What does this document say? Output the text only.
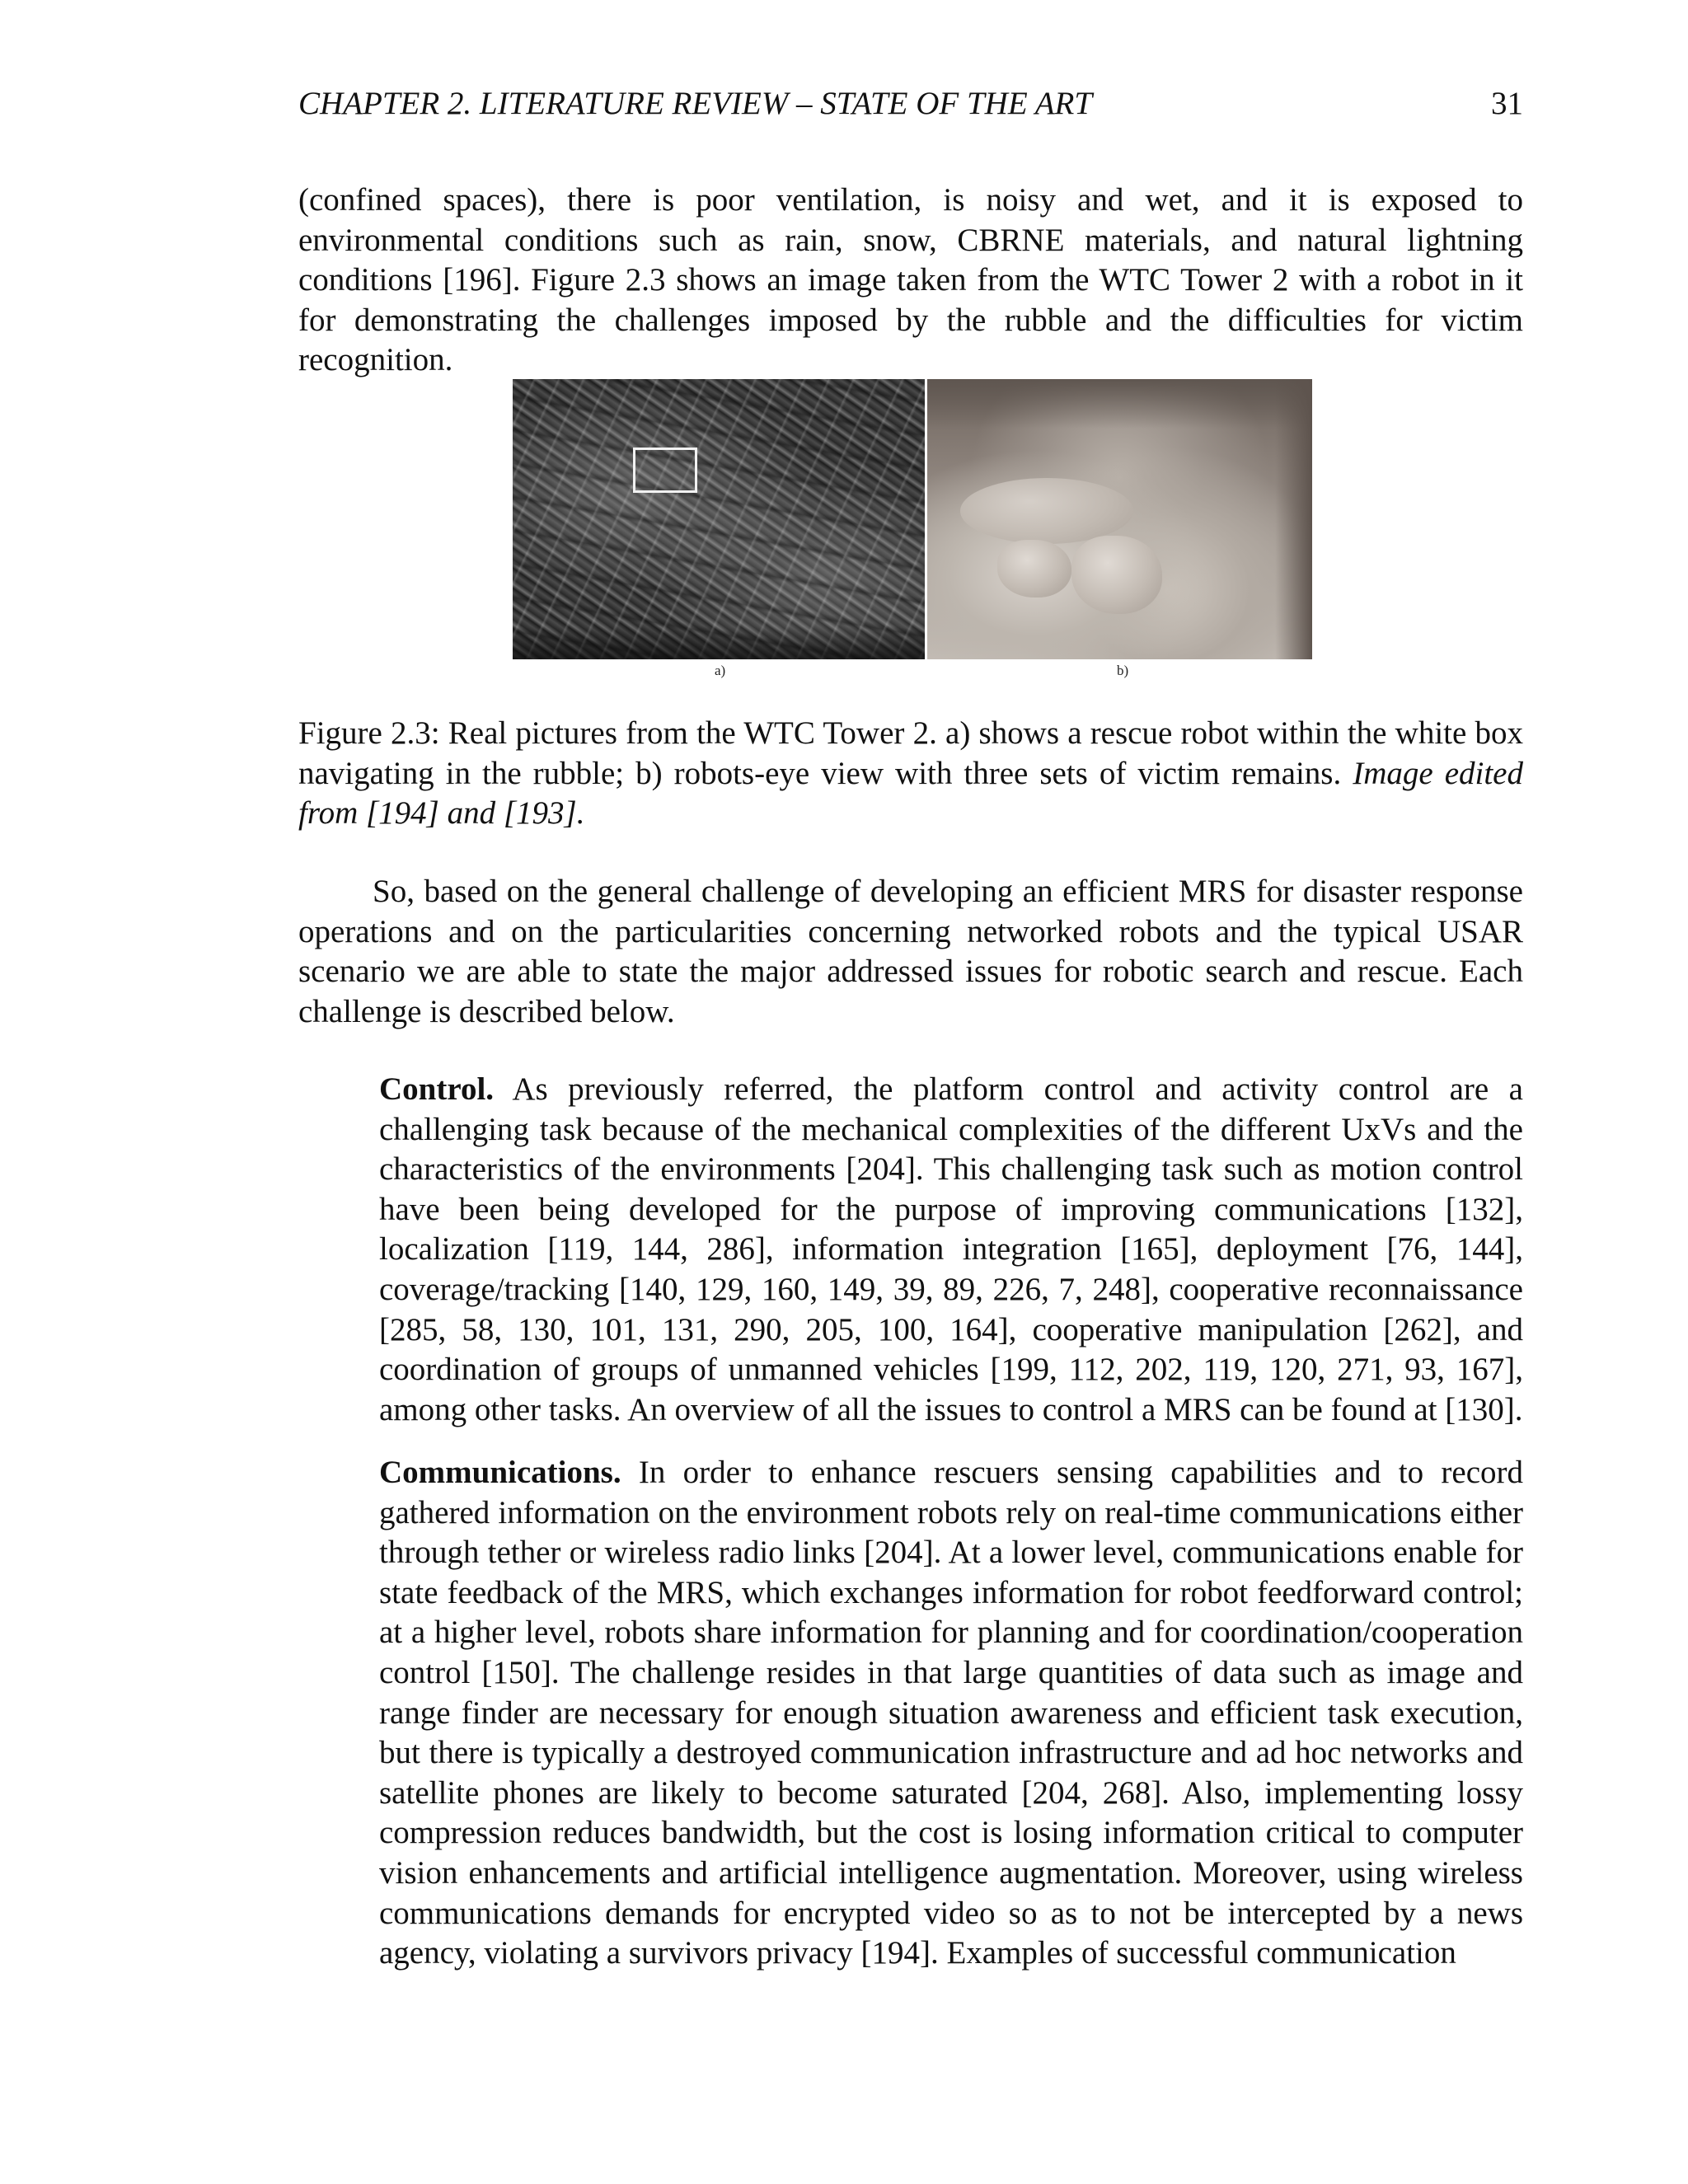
CHAPTER 2. LITERATURE REVIEW – STATE OF THE ART	31

(confined spaces), there is poor ventilation, is noisy and wet, and it is exposed to environmental conditions such as rain, snow, CBRNE materials, and natural lightning conditions [196]. Figure 2.3 shows an image taken from the WTC Tower 2 with a robot in it for demonstrating the challenges imposed by the rubble and the difficulties for victim recognition.

a)	b)

Figure 2.3: Real pictures from the WTC Tower 2. a) shows a rescue robot within the white box navigating in the rubble; b) robots-eye view with three sets of victim remains. Image edited from [194] and [193].

So, based on the general challenge of developing an efficient MRS for disaster response operations and on the particularities concerning networked robots and the typical USAR scenario we are able to state the major addressed issues for robotic search and rescue. Each challenge is described below.

Control. As previously referred, the platform control and activity control are a challenging task because of the mechanical complexities of the different UxVs and the characteristics of the environments [204]. This challenging task such as motion control have been being developed for the purpose of improving communications [132], localization [119, 144, 286], information integration [165], deployment [76, 144], coverage/tracking [140, 129, 160, 149, 39, 89, 226, 7, 248], cooperative reconnaissance [285, 58, 130, 101, 131, 290, 205, 100, 164], cooperative manipulation [262], and coordination of groups of unmanned vehicles [199, 112, 202, 119, 120, 271, 93, 167], among other tasks. An overview of all the issues to control a MRS can be found at [130].

Communications. In order to enhance rescuers sensing capabilities and to record gathered information on the environment robots rely on real-time communications either through tether or wireless radio links [204]. At a lower level, communications enable for state feedback of the MRS, which exchanges information for robot feedforward control; at a higher level, robots share information for planning and for coordination/cooperation control [150]. The challenge resides in that large quantities of data such as image and range finder are necessary for enough situation awareness and efficient task execution, but there is typically a destroyed communication infrastructure and ad hoc networks and satellite phones are likely to become saturated [204, 268]. Also, implementing lossy compression reduces bandwidth, but the cost is losing information critical to computer vision enhancements and artificial intelligence augmentation. Moreover, using wireless communications demands for encrypted video so as to not be intercepted by a news agency, violating a survivors privacy [194]. Examples of successful communication
